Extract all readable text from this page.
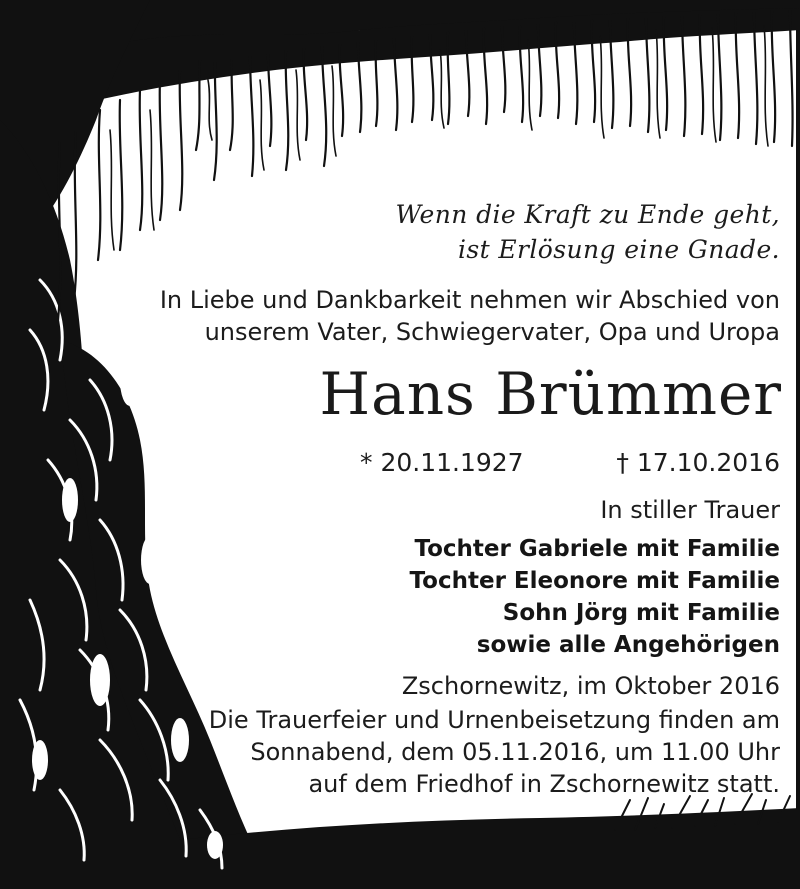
Wenn die Kraft zu Ende geht,

ist Erlösung eine Gnade.

In Liebe und Dankbarkeit nehmen wir Abschied von

unserem Vater, Schwiegervater, Opa und Uropa

Hans Brümmer

* 20.11.1927	† 17.10.2016

In stiller Trauer

Tochter Gabriele mit Familie

Tochter Eleonore mit Familie

Sohn Jörg mit Familie

sowie alle Angehörigen

Zschornewitz, im Oktober 2016

Die Trauerfeier und Urnenbeisetzung finden am

Sonnabend, dem 05.11.2016, um 11.00 Uhr

auf dem Friedhof in Zschornewitz statt.
